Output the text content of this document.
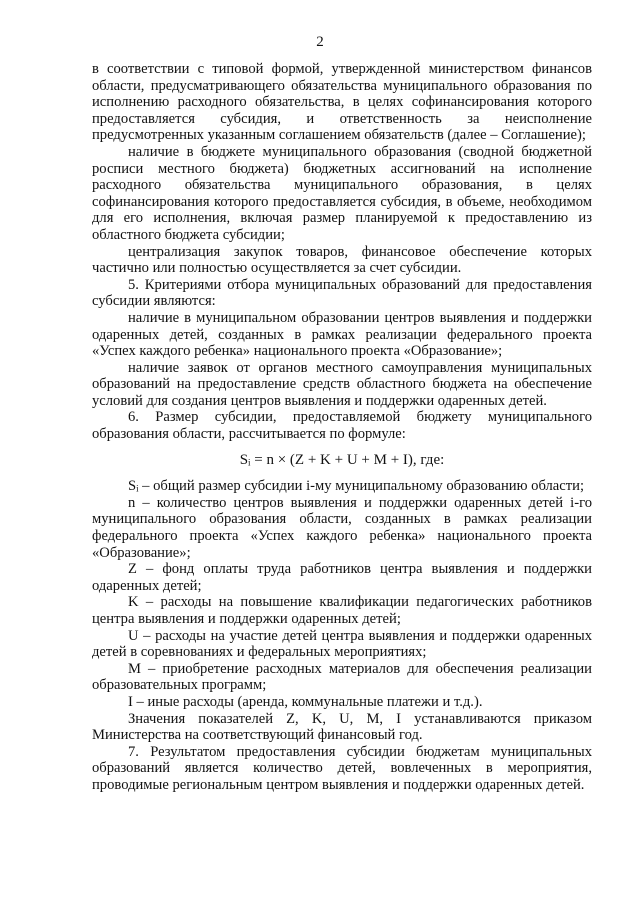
2

в соответствии с типовой формой, утвержденной министерством финансов области, предусматривающего обязательства муниципального образования по исполнению расходного обязательства, в целях софинансирования которого предоставляется субсидия, и ответственность за неисполнение предусмотренных указанным соглашением обязательств (далее – Соглашение);

наличие в бюджете муниципального образования (сводной бюджетной росписи местного бюджета) бюджетных ассигнований на исполнение расходного обязательства муниципального образования, в целях софинансирования которого предоставляется субсидия, в объеме, необходимом для его исполнения, включая размер планируемой к предоставлению из областного бюджета субсидии;

централизация закупок товаров, финансовое обеспечение которых частично или полностью осуществляется за счет субсидии.

5. Критериями отбора муниципальных образований для предоставления субсидии являются:

наличие в муниципальном образовании центров выявления и поддержки одаренных детей, созданных в рамках реализации федерального проекта «Успех каждого ребенка» национального проекта «Образование»;

наличие заявок от органов местного самоуправления муниципальных образований на предоставление средств областного бюджета на обеспечение условий для создания центров выявления и поддержки одаренных детей.

6. Размер субсидии, предоставляемой бюджету муниципального образования области, рассчитывается по формуле:

Sᵢ = n × (Z + K + U + M + I), где:

Sᵢ – общий размер субсидии i-му муниципальному образованию области;

n – количество центров выявления и поддержки одаренных детей i-го муниципального образования области, созданных в рамках реализации федерального проекта «Успех каждого ребенка» национального проекта «Образование»;

Z – фонд оплаты труда работников центра выявления и поддержки одаренных детей;

K – расходы на повышение квалификации педагогических работников центра выявления и поддержки одаренных детей;

U – расходы на участие детей центра выявления и поддержки одаренных детей в соревнованиях и федеральных мероприятиях;

M – приобретение расходных материалов для обеспечения реализации образовательных программ;

I – иные расходы (аренда, коммунальные платежи и т.д.).

Значения показателей Z, K, U, M, I устанавливаются приказом Министерства на соответствующий финансовый год.

7. Результатом предоставления субсидии бюджетам муниципальных образований является количество детей, вовлеченных в мероприятия, проводимые региональным центром выявления и поддержки одаренных детей.
